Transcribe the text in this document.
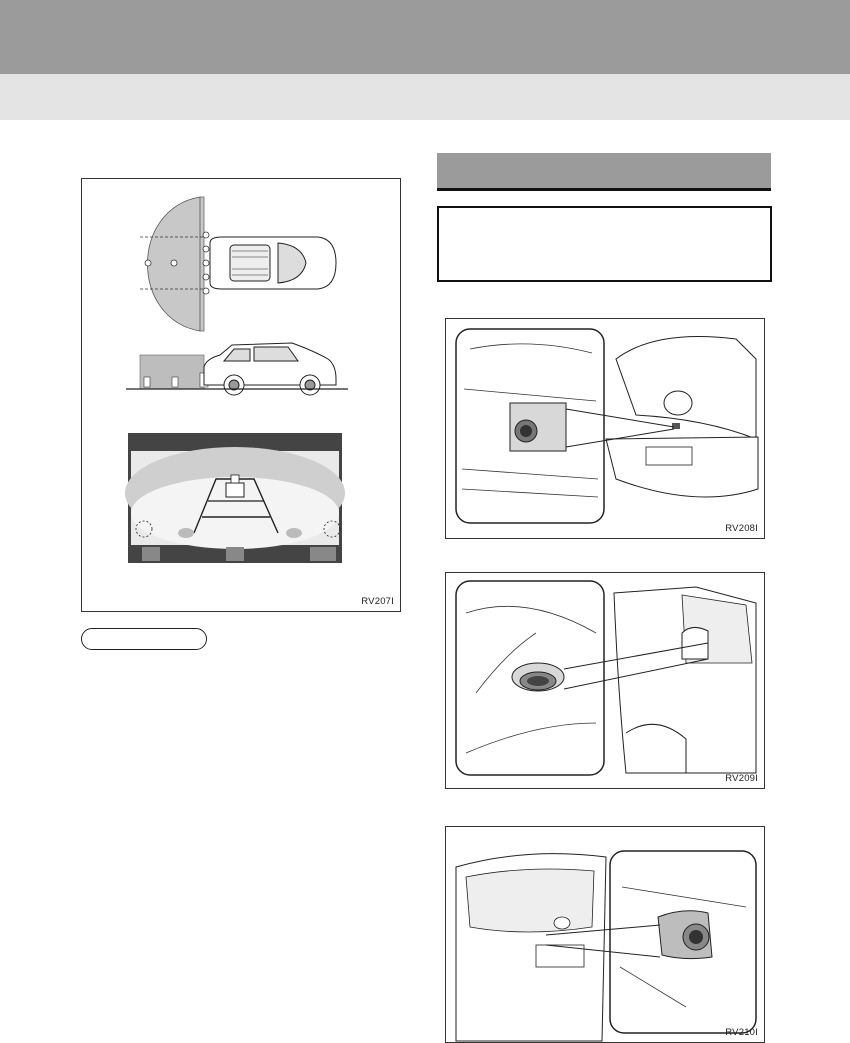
RV207I
RV208I
RV209I
RV210I
